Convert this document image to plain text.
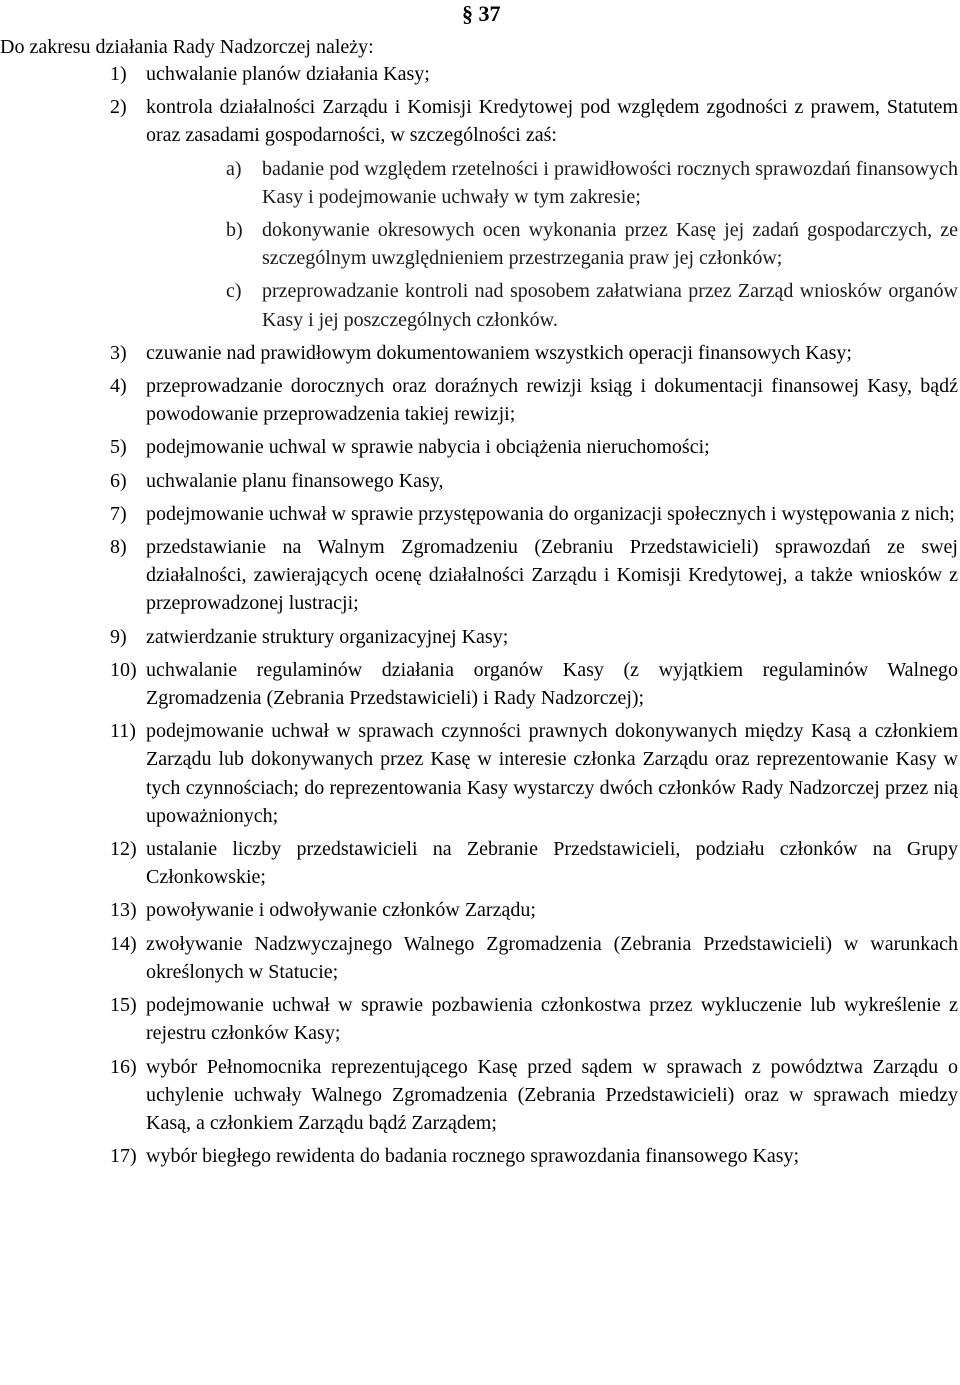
§ 37
Do zakresu działania Rady Nadzorczej należy:
1) uchwalanie planów działania Kasy;
2) kontrola działalności Zarządu i Komisji Kredytowej pod względem zgodności z prawem, Statutem oraz zasadami gospodarności, w szczególności zaś:
a) badanie pod względem rzetelności i prawidłowości rocznych sprawozdań finansowych Kasy i podejmowanie uchwały w tym zakresie;
b) dokonywanie okresowych ocen wykonania przez Kasę jej zadań gospodarczych, ze szczególnym uwzględnieniem przestrzegania praw jej członków;
c) przeprowadzanie kontroli nad sposobem załatwiana przez Zarząd wniosków organów Kasy i jej poszczególnych członków.
3) czuwanie nad prawidłowym dokumentowaniem wszystkich operacji finansowych Kasy;
4) przeprowadzanie dorocznych oraz doraźnych rewizji ksiąg i dokumentacji finansowej Kasy, bądź powodowanie przeprowadzenia takiej rewizji;
5) podejmowanie uchwal w sprawie nabycia i obciążenia nieruchomości;
6) uchwalanie planu finansowego Kasy,
7) podejmowanie uchwał w sprawie przystępowania do organizacji społecznych i występowania z nich;
8) przedstawianie na Walnym Zgromadzeniu (Zebraniu Przedstawicieli) sprawozdań ze swej działalności, zawierających ocenę działalności Zarządu i Komisji Kredytowej, a także wniosków z przeprowadzonej lustracji;
9) zatwierdzanie struktury organizacyjnej Kasy;
10) uchwalanie regulaminów działania organów Kasy (z wyjątkiem regulaminów Walnego Zgromadzenia (Zebrania Przedstawicieli) i Rady Nadzorczej);
11) podejmowanie uchwał w sprawach czynności prawnych dokonywanych między Kasą a członkiem Zarządu lub dokonywanych przez Kasę w interesie członka Zarządu oraz reprezentowanie Kasy w tych czynnościach; do reprezentowania Kasy wystarczy dwóch członków Rady Nadzorczej przez nią upoważnionych;
12) ustalanie liczby przedstawicieli na Zebranie Przedstawicieli, podziału członków na Grupy Członkowskie;
13) powoływanie i odwoływanie członków Zarządu;
14) zwoływanie Nadzwyczajnego Walnego Zgromadzenia (Zebrania Przedstawicieli) w warunkach określonych w Statucie;
15) podejmowanie uchwał w sprawie pozbawienia członkostwa przez wykluczenie lub wykreślenie z rejestru członków Kasy;
16) wybór Pełnomocnika reprezentującego Kasę przed sądem w sprawach z powództwa Zarządu o uchylenie uchwały Walnego Zgromadzenia (Zebrania Przedstawicieli) oraz w sprawach miedzy Kasą, a członkiem Zarządu bądź Zarządem;
17) wybór biegłego rewidenta do badania rocznego sprawozdania finansowego Kasy;
